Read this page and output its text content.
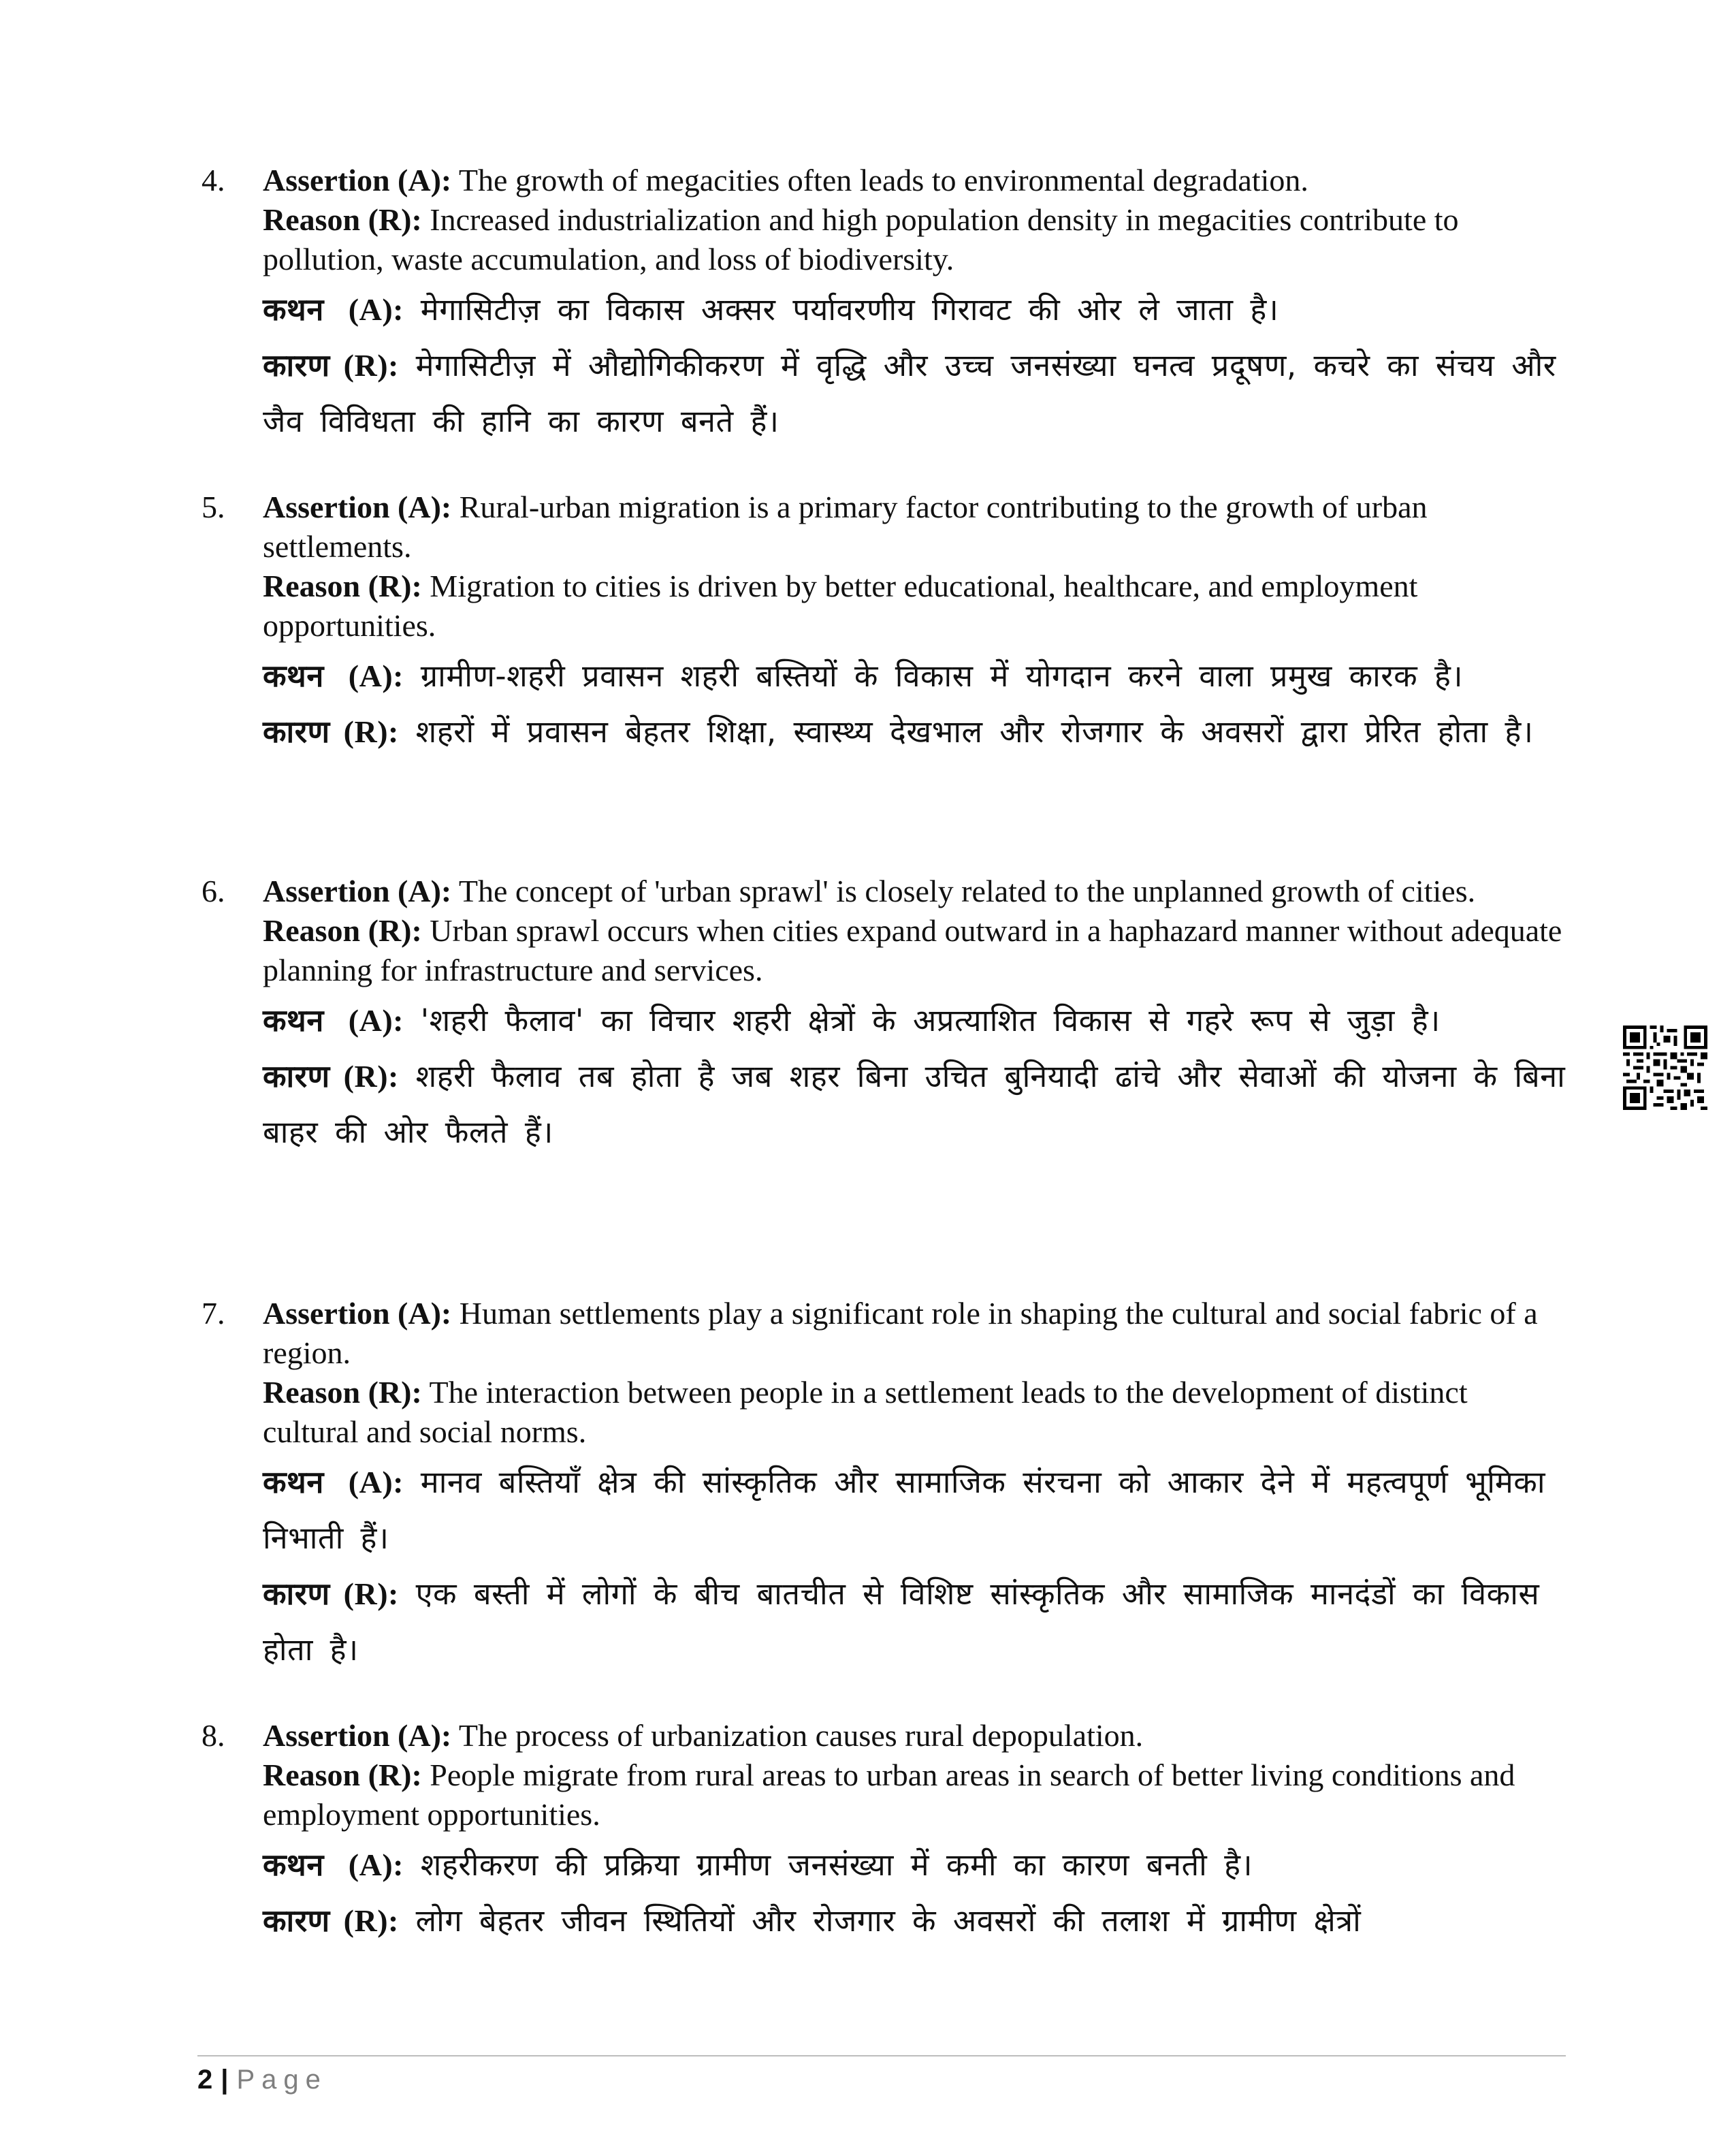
4. Assertion (A): The growth of megacities often leads to environmental degradation.

Reason (R): Increased industrialization and high population density in megacities contribute to pollution, waste accumulation, and loss of biodiversity.

कथन (A): मेगासिटीज़ का विकास अक्सर पर्यावरणीय गिरावट की ओर ले जाता है।

कारण (R): मेगासिटीज़ में औद्योगिकीकरण में वृद्धि और उच्च जनसंख्या घनत्व प्रदूषण, कचरे का संचय और जैव विविधता की हानि का कारण बनते हैं।

5. Assertion (A): Rural-urban migration is a primary factor contributing to the growth of urban settlements.

Reason (R): Migration to cities is driven by better educational, healthcare, and employment opportunities.

कथन (A): ग्रामीण-शहरी प्रवासन शहरी बस्तियों के विकास में योगदान करने वाला प्रमुख कारक है।

कारण (R): शहरों में प्रवासन बेहतर शिक्षा, स्वास्थ्य देखभाल और रोजगार के अवसरों द्वारा प्रेरित होता है।

6. Assertion (A): The concept of 'urban sprawl' is closely related to the unplanned growth of cities.

Reason (R): Urban sprawl occurs when cities expand outward in a haphazard manner without adequate planning for infrastructure and services.

कथन (A): 'शहरी फैलाव' का विचार शहरी क्षेत्रों के अप्रत्याशित विकास से गहरे रूप से जुड़ा है।

कारण (R): शहरी फैलाव तब होता है जब शहर बिना उचित बुनियादी ढांचे और सेवाओं की योजना के बिना बाहर की ओर फैलते हैं।

7. Assertion (A): Human settlements play a significant role in shaping the cultural and social fabric of a region.

Reason (R): The interaction between people in a settlement leads to the development of distinct cultural and social norms.

कथन (A): मानव बस्तियाँ क्षेत्र की सांस्कृतिक और सामाजिक संरचना को आकार देने में महत्वपूर्ण भूमिका निभाती हैं।

कारण (R): एक बस्ती में लोगों के बीच बातचीत से विशिष्ट सांस्कृतिक और सामाजिक मानदंडों का विकास होता है।

8. Assertion (A): The process of urbanization causes rural depopulation.

Reason (R): People migrate from rural areas to urban areas in search of better living conditions and employment opportunities.

कथन (A): शहरीकरण की प्रक्रिया ग्रामीण जनसंख्या में कमी का कारण बनती है।

कारण (R): लोग बेहतर जीवन स्थितियों और रोजगार के अवसरों की तलाश में ग्रामीण क्षेत्रों

2 | Page
